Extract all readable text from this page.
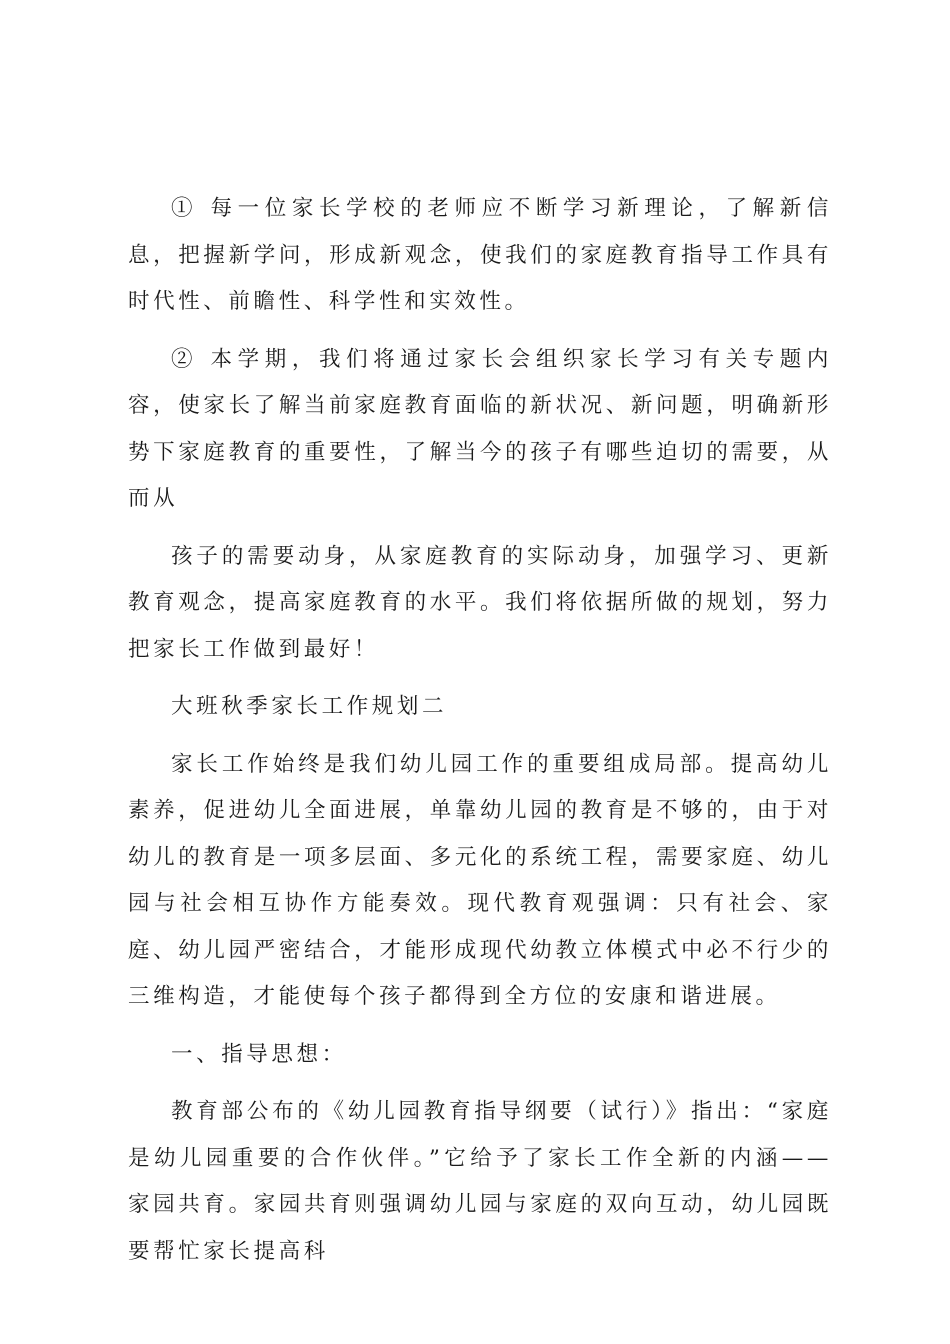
① 每一位家长学校的老师应不断学习新理论，了解新信息，把握新学问，形成新观念，使我们的家庭教育指导工作具有时代性、前瞻性、科学性和实效性。

② 本学期，我们将通过家长会组织家长学习有关专题内容，使家长了解当前家庭教育面临的新状况、新问题，明确新形势下家庭教育的重要性，了解当今的孩子有哪些迫切的需要，从而从

孩子的需要动身，从家庭教育的实际动身，加强学习、更新教育观念，提高家庭教育的水平。我们将依据所做的规划，努力把家长工作做到最好！

大班秋季家长工作规划二

家长工作始终是我们幼儿园工作的重要组成局部。提高幼儿素养，促进幼儿全面进展，单靠幼儿园的教育是不够的，由于对幼儿的教育是一项多层面、多元化的系统工程，需要家庭、幼儿园与社会相互协作方能奏效。现代教育观强调：只有社会、家庭、幼儿园严密结合，才能形成现代幼教立体模式中必不行少的三维构造，才能使每个孩子都得到全方位的安康和谐进展。

一、指导思想：

教育部公布的《幼儿园教育指导纲要（试行）》指出：“家庭是幼儿园重要的合作伙伴。”它给予了家长工作全新的内涵——家园共育。家园共育则强调幼儿园与家庭的双向互动，幼儿园既要帮忙家长提高科
